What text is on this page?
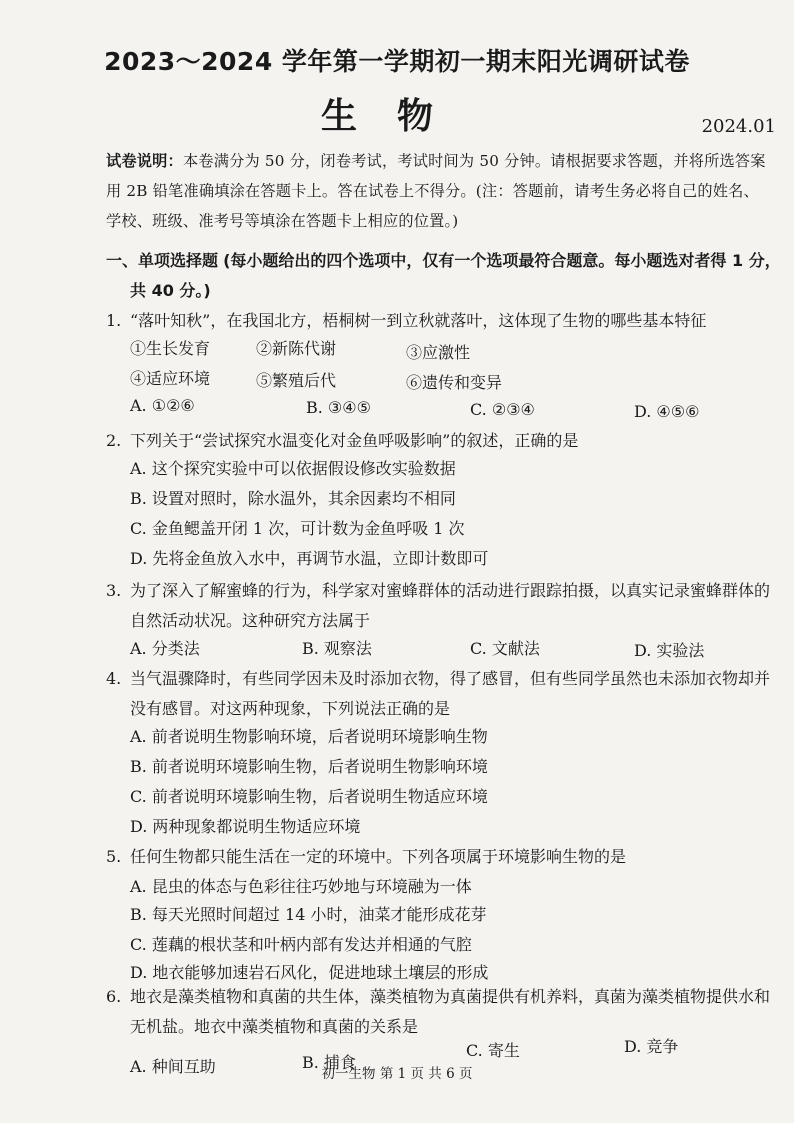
2023～2024 学年第一学期初一期末阳光调研试卷
生物	2024.01
试卷说明：本卷满分为 50 分，闭卷考试，考试时间为 50 分钟。请根据要求答题，并将所选答案
用 2B 铅笔准确填涂在答题卡上。答在试卷上不得分。(注：答题前，请考生务必将自己的姓名、
学校、班级、准考号等填涂在答题卡上相应的位置。)
一、单项选择题 (每小题给出的四个选项中，仅有一个选项最符合题意。每小题选对者得 1 分，
共 40 分。)
1. “落叶知秋”，在我国北方，梧桐树一到立秋就落叶，这体现了生物的哪些基本特征
①生长发育	②新陈代谢	③应激性
④适应环境	⑤繁殖后代	⑥遗传和变异
A. ①②⑥	B. ③④⑤	C. ②③④	D. ④⑤⑥
2. 下列关于“尝试探究水温变化对金鱼呼吸影响”的叙述，正确的是
A. 这个探究实验中可以依据假设修改实验数据
B. 设置对照时，除水温外，其余因素均不相同
C. 金鱼鳃盖开闭 1 次，可计数为金鱼呼吸 1 次
D. 先将金鱼放入水中，再调节水温，立即计数即可
3. 为了深入了解蜜蜂的行为，科学家对蜜蜂群体的活动进行跟踪拍摄，以真实记录蜜蜂群体的
自然活动状况。这种研究方法属于
A. 分类法	B. 观察法	C. 文献法	D. 实验法
4. 当气温骤降时，有些同学因未及时添加衣物，得了感冒，但有些同学虽然也未添加衣物却并
没有感冒。对这两种现象，下列说法正确的是
A. 前者说明生物影响环境，后者说明环境影响生物
B. 前者说明环境影响生物，后者说明生物影响环境
C. 前者说明环境影响生物，后者说明生物适应环境
D. 两种现象都说明生物适应环境
5. 任何生物都只能生活在一定的环境中。下列各项属于环境影响生物的是
A. 昆虫的体态与色彩往往巧妙地与环境融为一体
B. 每天光照时间超过 14 小时，油菜才能形成花芽
C. 莲藕的根状茎和叶柄内部有发达并相通的气腔
D. 地衣能够加速岩石风化，促进地球土壤层的形成
6. 地衣是藻类植物和真菌的共生体，藻类植物为真菌提供有机养料，真菌为藻类植物提供水和
无机盐。地衣中藻类植物和真菌的关系是
A. 种间互助	B. 捕食
C. 寄生	D. 竞争
初一生物 第 1 页 共 6 页
